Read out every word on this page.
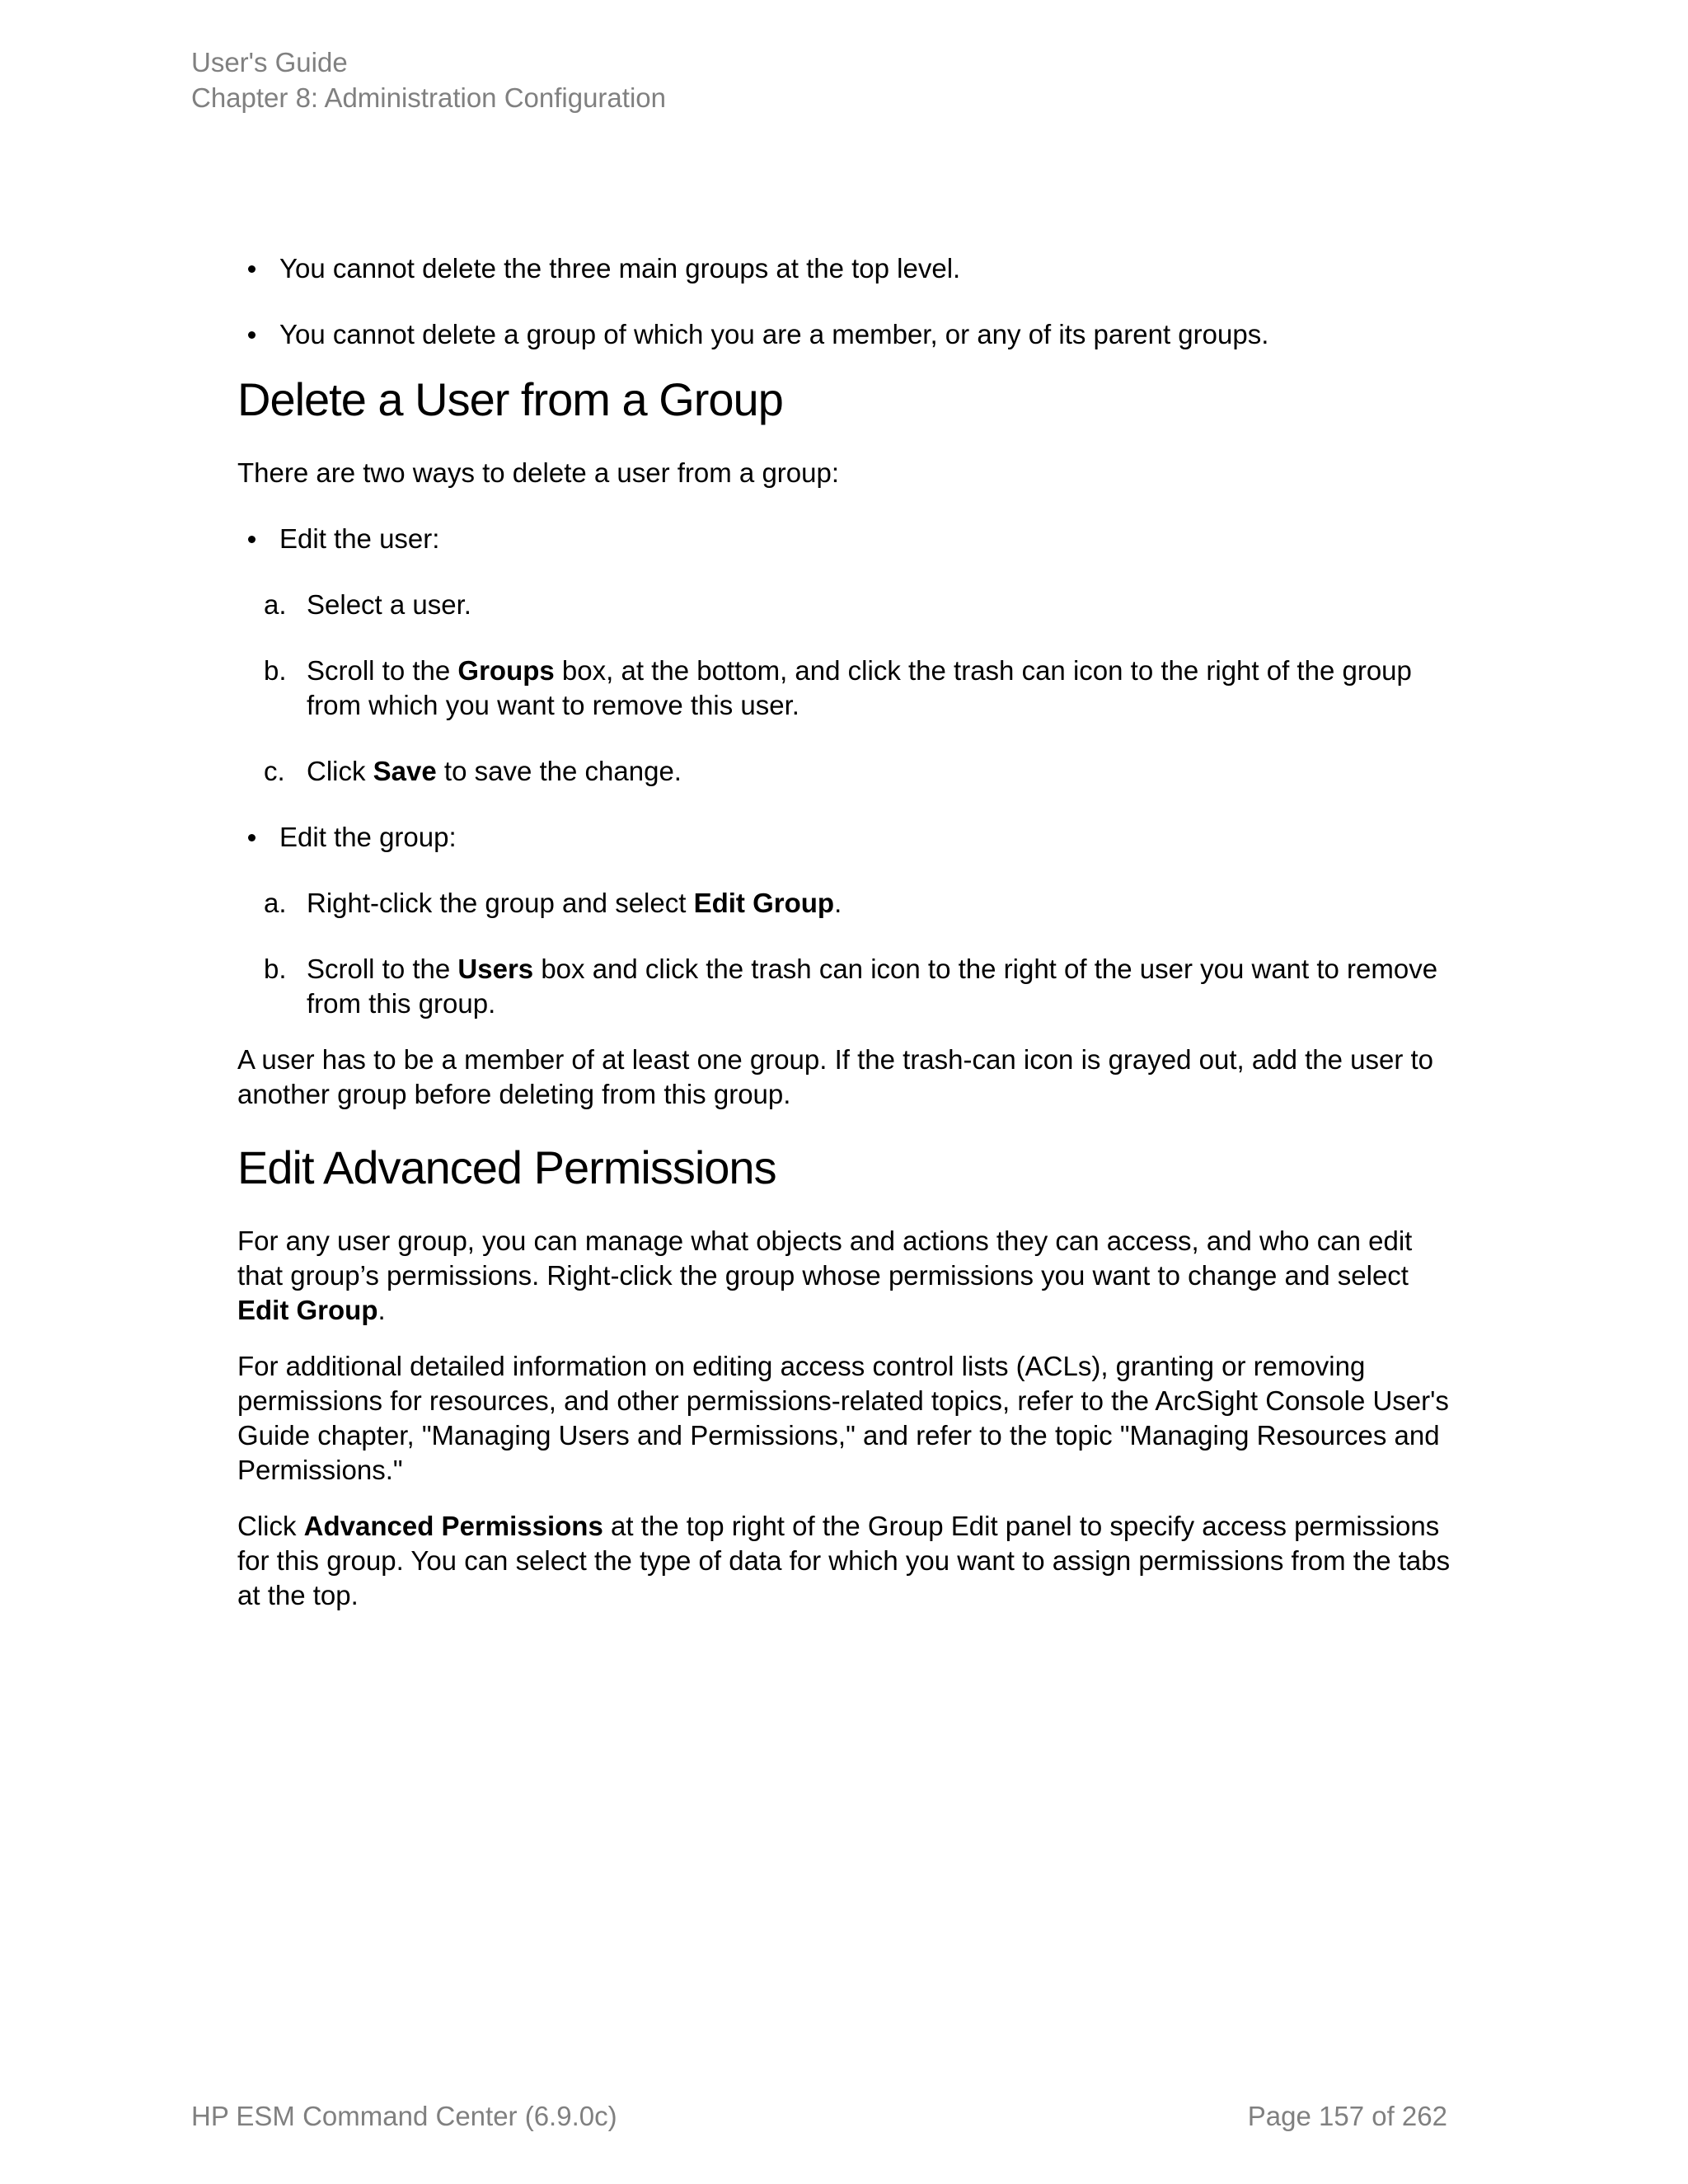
User's Guide
Chapter 8: Administration Configuration
You cannot delete the three main groups at the top level.
You cannot delete a group of which you are a member, or any of its parent groups.
Delete a User from a Group

There are two ways to delete a user from a group:

Edit the user:
a. Select a user.
b. Scroll to the Groups box, at the bottom, and click the trash can icon to the right of the group from which you want to remove this user.
c. Click Save to save the change.
Edit the group:
a. Right-click the group and select Edit Group.
b. Scroll to the Users box and click the trash can icon to the right of the user you want to remove from this group.

A user has to be a member of at least one group. If the trash-can icon is grayed out, add the user to another group before deleting from this group.

Edit Advanced Permissions

For any user group, you can manage what objects and actions they can access, and who can edit that group’s permissions. Right-click the group whose permissions you want to change and select Edit Group.

For additional detailed information on editing access control lists (ACLs), granting or removing permissions for resources, and other permissions-related topics, refer to the ArcSight Console User's Guide chapter, "Managing Users and Permissions," and refer to the topic "Managing Resources and Permissions."

Click Advanced Permissions at the top right of the Group Edit panel to specify access permissions for this group. You can select the type of data for which you want to assign permissions from the tabs at the top.

HP ESM Command Center (6.9.0c)	Page 157 of 262
